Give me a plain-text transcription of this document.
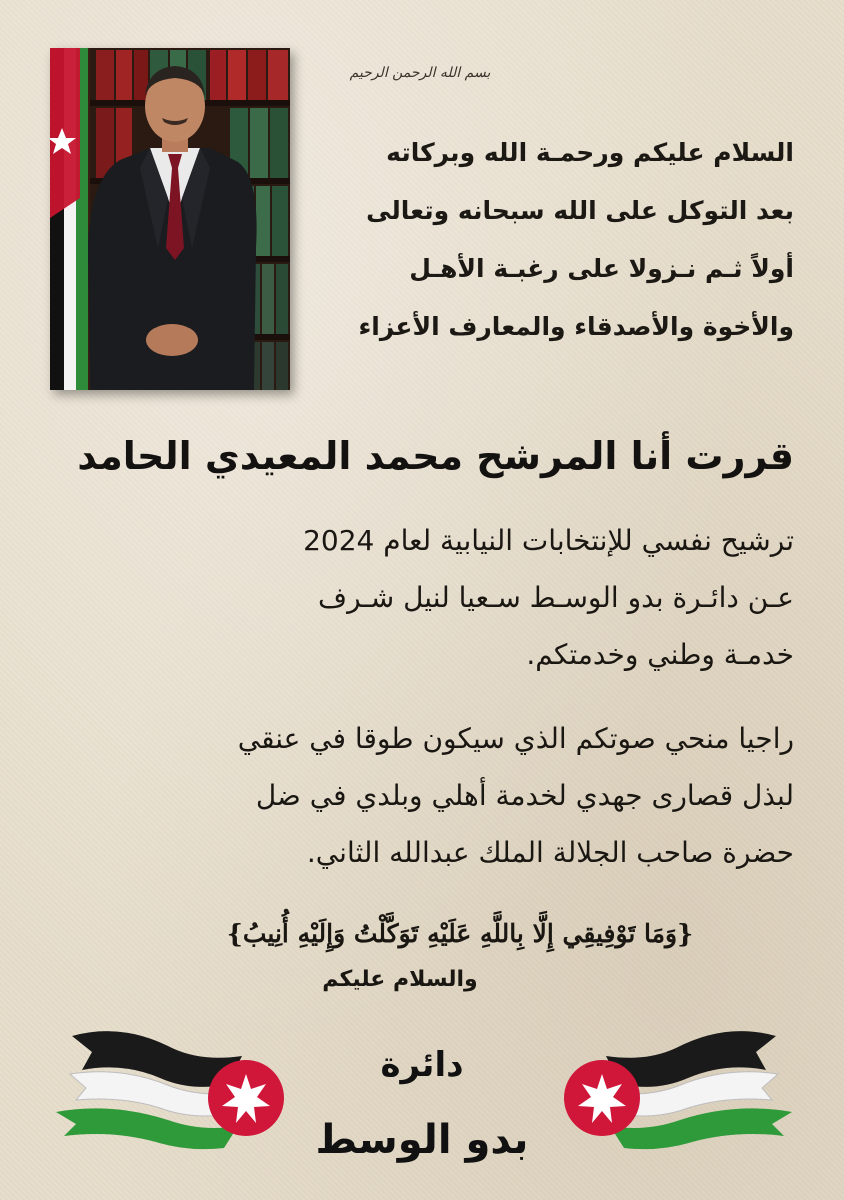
بسم الله الرحمن الرحيم
السلام عليكم ورحمـة الله وبركاته
بعد التوكل على الله سبحانه وتعالى
أولاً ثـم نـزولا على رغبـة الأهـل
والأخوة والأصدقاء والمعارف الأعزاء
قررت أنا المرشح محمد المعيدي الحامد
ترشيح نفسي للإنتخابات النيابية لعام 2024
عـن دائـرة بدو الوسـط سـعيا لنيل شـرف
خدمـة وطني وخدمتكم.
راجيا منحي صوتكم الذي سيكون طوقا في عنقي
لبذل قصارى جهدي لخدمة أهلي وبلدي في ضل
حضرة صاحب الجلالة الملك عبدالله الثاني.
{وَمَا تَوْفِيقِي إِلَّا بِاللَّهِ عَلَيْهِ تَوَكَّلْتُ وَإِلَيْهِ أُنِيبُ}
والسلام عليكم
دائرة
بدو الوسط
